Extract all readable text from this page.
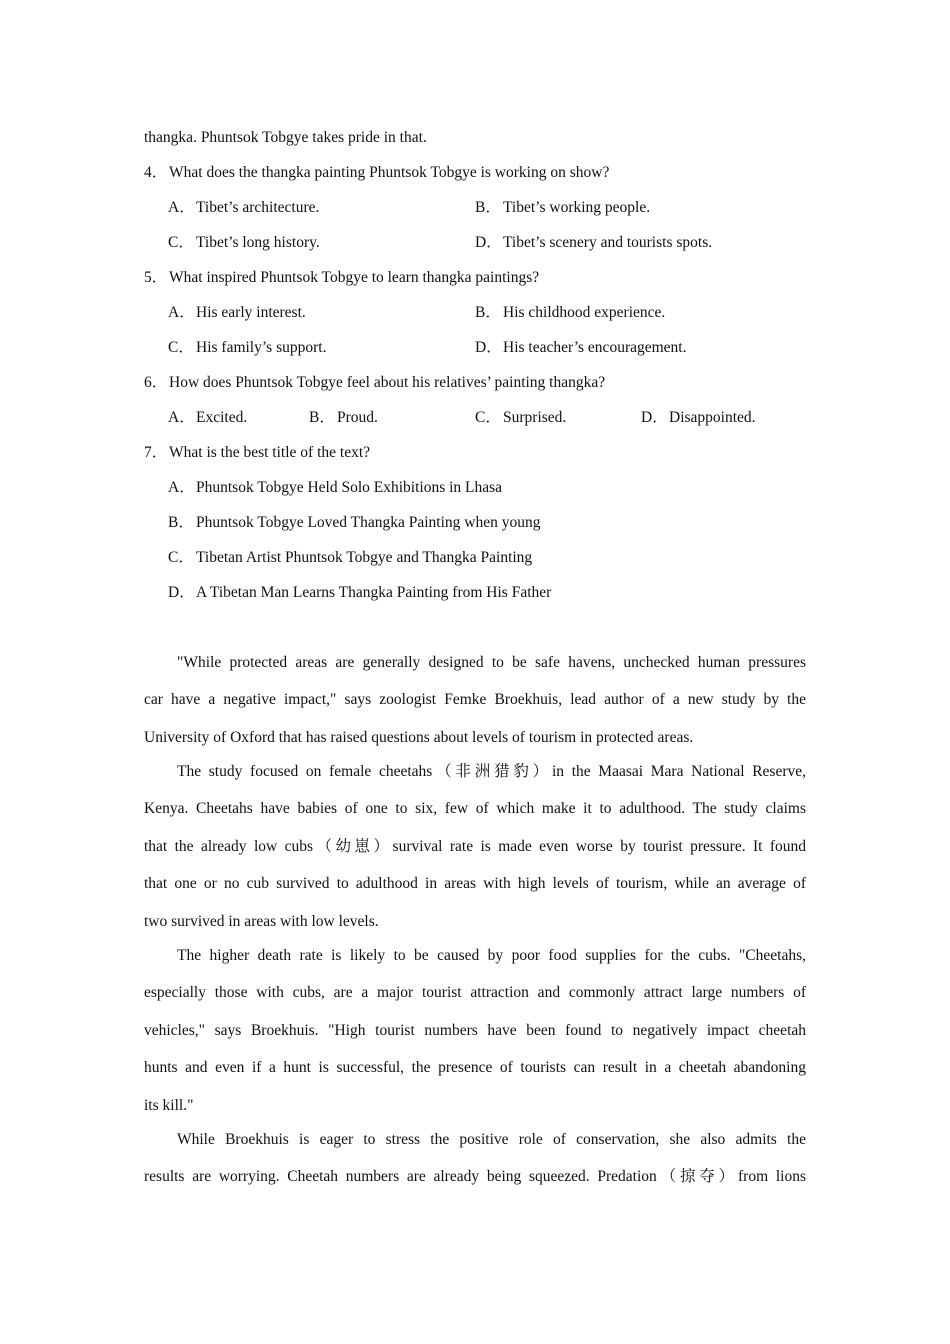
thangka. Phuntsok Tobgye takes pride in that.
4． What does the thangka painting Phuntsok Tobgye is working on show?
A．Tibet’s architecture.	B． Tibet’s working people.
C． Tibet’s long history.	D．Tibet’s scenery and tourists spots.
5． What inspired Phuntsok Tobgye to learn thangka paintings?
A．His early interest.	B． His childhood experience.
C． His family’s support.	D．His teacher’s encouragement.
6． How does Phuntsok Tobgye feel about his relatives’ painting thangka?
A．Excited.	B． Proud.	C． Surprised.	D．Disappointed.
7． What is the best title of the text?
A．Phuntsok Tobgye Held Solo Exhibitions in Lhasa
B． Phuntsok Tobgye Loved Thangka Painting when young
C． Tibetan Artist Phuntsok Tobgye and Thangka Painting
D．A Tibetan Man Learns Thangka Painting from His Father
"While protected areas are generally designed to be safe havens, unchecked human pressures
car have a negative impact," says zoologist Femke Broekhuis, lead author of a new study by the
University of Oxford that has raised questions about levels of tourism in protected areas.
The study focused on female cheetahs（非洲猎豹）in the Maasai Mara National Reserve,
Kenya. Cheetahs have babies of one to six, few of which make it to adulthood. The study claims
that the already low cubs（幼崽）survival rate is made even worse by tourist pressure. It found
that one or no cub survived to adulthood in areas with high levels of tourism, while an average of
two survived in areas with low levels.
The higher death rate is likely to be caused by poor food supplies for the cubs. "Cheetahs,
especially those with cubs, are a major tourist attraction and commonly attract large numbers of
vehicles," says Broekhuis. "High tourist numbers have been found to negatively impact cheetah
hunts and even if a hunt is successful, the presence of tourists can result in a cheetah abandoning
its kill."
While Broekhuis is eager to stress the positive role of conservation, she also admits the
results are worrying. Cheetah numbers are already being squeezed. Predation（掠夺）from lions
